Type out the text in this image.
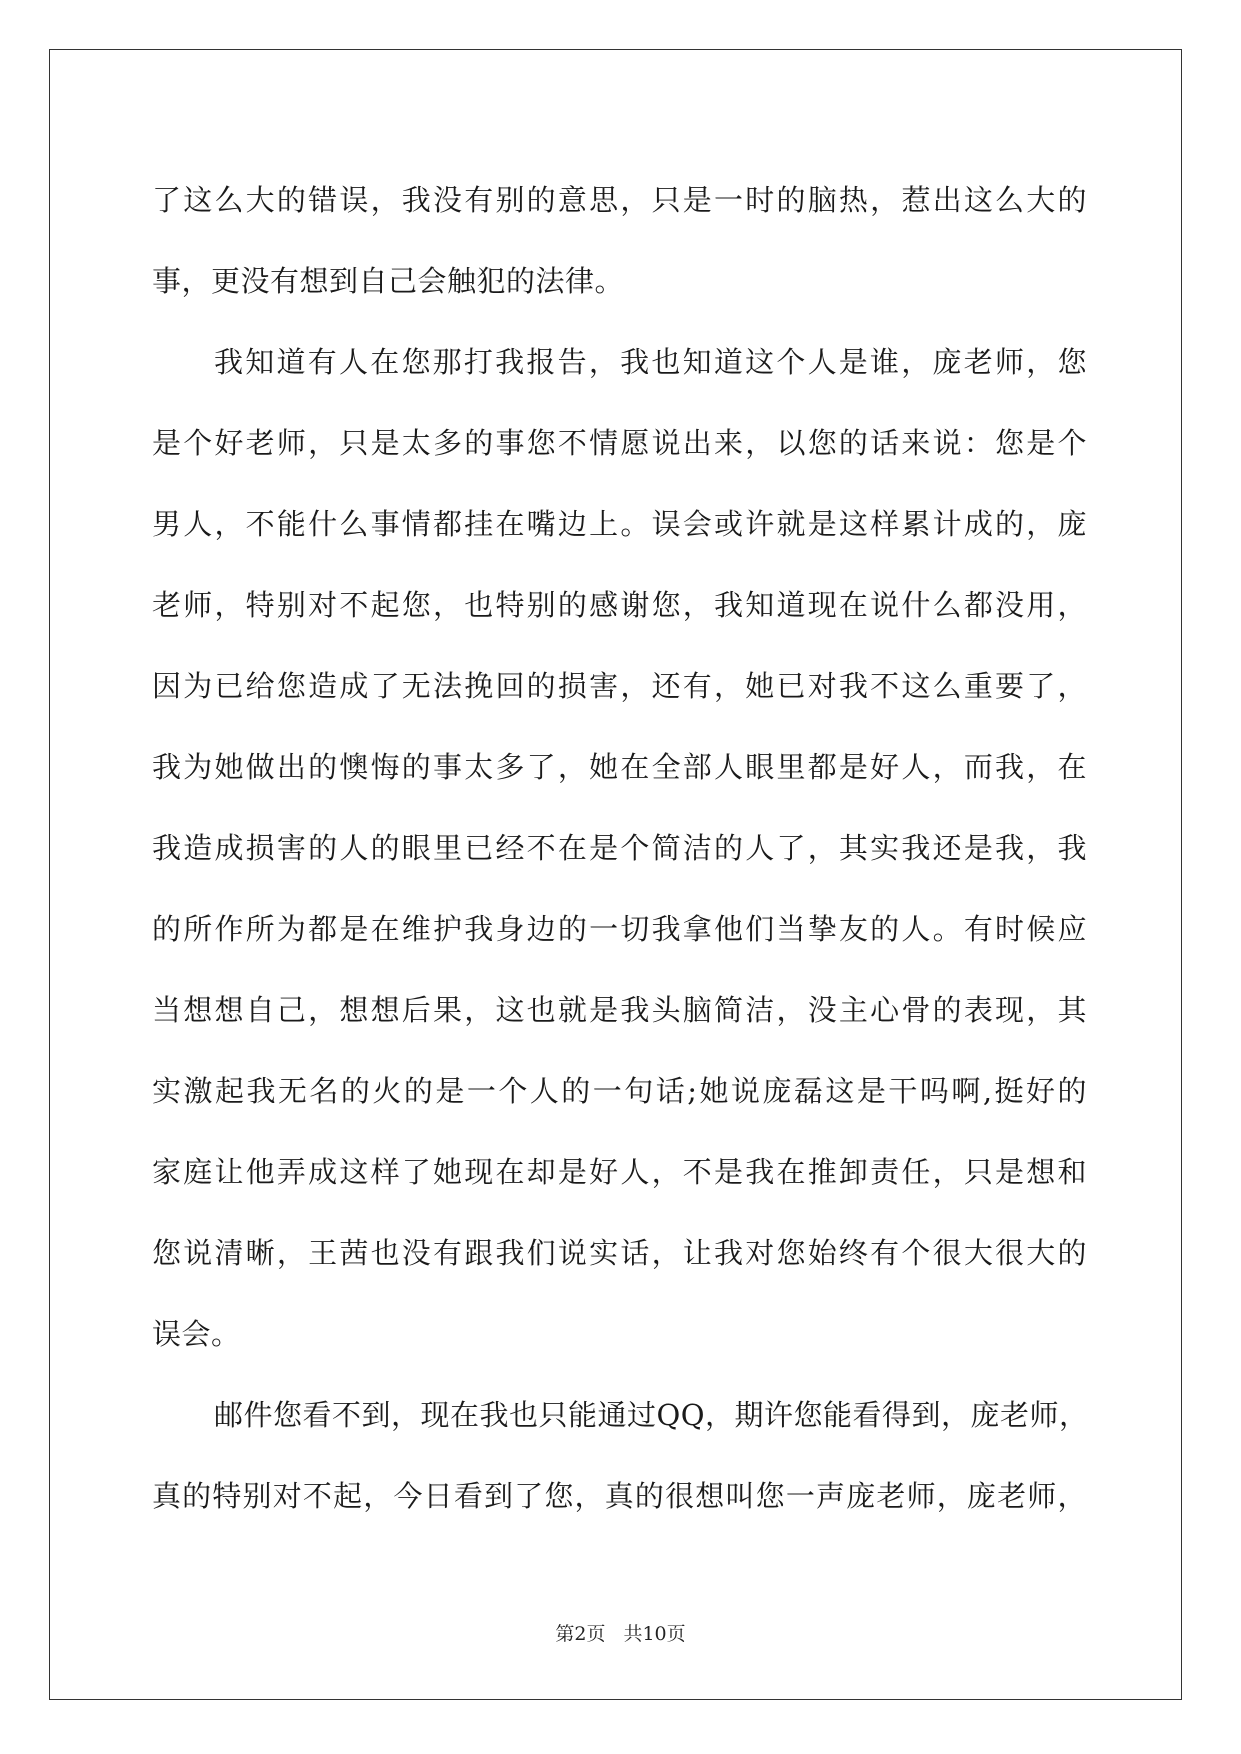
了这么大的错误，我没有别的意思，只是一时的脑热，惹出这么大的
事，更没有想到自己会触犯的法律。
我知道有人在您那打我报告，我也知道这个人是谁，庞老师，您
是个好老师，只是太多的事您不情愿说出来，以您的话来说：您是个
男人，不能什么事情都挂在嘴边上。误会或许就是这样累计成的，庞
老师，特别对不起您，也特别的感谢您，我知道现在说什么都没用，
因为已给您造成了无法挽回的损害，还有，她已对我不这么重要了，
我为她做出的懊悔的事太多了，她在全部人眼里都是好人，而我，在
我造成损害的人的眼里已经不在是个简洁的人了，其实我还是我，我
的所作所为都是在维护我身边的一切我拿他们当挚友的人。有时候应
当想想自己，想想后果，这也就是我头脑简洁，没主心骨的表现，其
实激起我无名的火的是一个人的一句话;她说庞磊这是干吗啊,挺好的
家庭让他弄成这样了她现在却是好人，不是我在推卸责任，只是想和
您说清晰，王茜也没有跟我们说实话，让我对您始终有个很大很大的
误会。
邮件您看不到，现在我也只能通过QQ，期许您能看得到，庞老师，
真的特别对不起，今日看到了您，真的很想叫您一声庞老师，庞老师，
第2页 共10页
